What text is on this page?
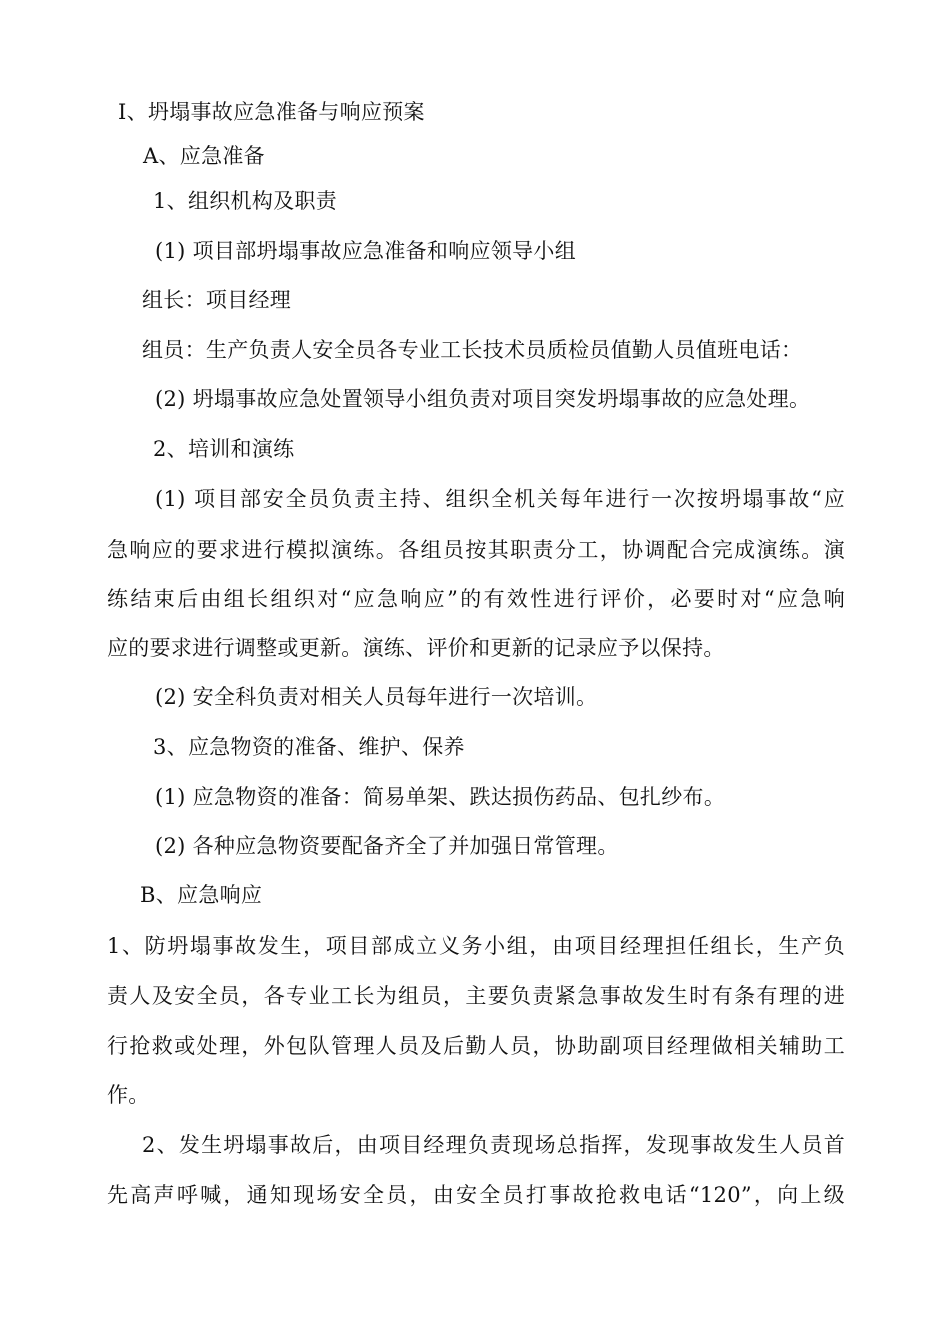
I、坍塌事故应急准备与响应预案
A、应急准备
1、组织机构及职责
(1) 项目部坍塌事故应急准备和响应领导小组
组长：项目经理
组员：生产负责人安全员各专业工长技术员质检员值勤人员值班电话：
(2) 坍塌事故应急处置领导小组负责对项目突发坍塌事故的应急处理。
2、培训和演练
(1) 项目部安全员负责主持、组织全机关每年进行一次按坍塌事故“应
急响应的要求进行模拟演练。各组员按其职责分工，协调配合完成演练。演
练结束后由组长组织对“应急响应”的有效性进行评价，必要时对“应急响
应的要求进行调整或更新。演练、评价和更新的记录应予以保持。
(2) 安全科负责对相关人员每年进行一次培训。
3、应急物资的准备、维护、保养
(1) 应急物资的准备：简易单架、跌达损伤药品、包扎纱布。
(2) 各种应急物资要配备齐全了并加强日常管理。
B、应急响应
1、防坍塌事故发生，项目部成立义务小组，由项目经理担任组长，生产负
责人及安全员，各专业工长为组员，主要负责紧急事故发生时有条有理的进
行抢救或处理，外包队管理人员及后勤人员，协助副项目经理做相关辅助工
作。
2、发生坍塌事故后，由项目经理负责现场总指挥，发现事故发生人员首
先高声呼喊，通知现场安全员，由安全员打事故抢救电话“120”，向上级
